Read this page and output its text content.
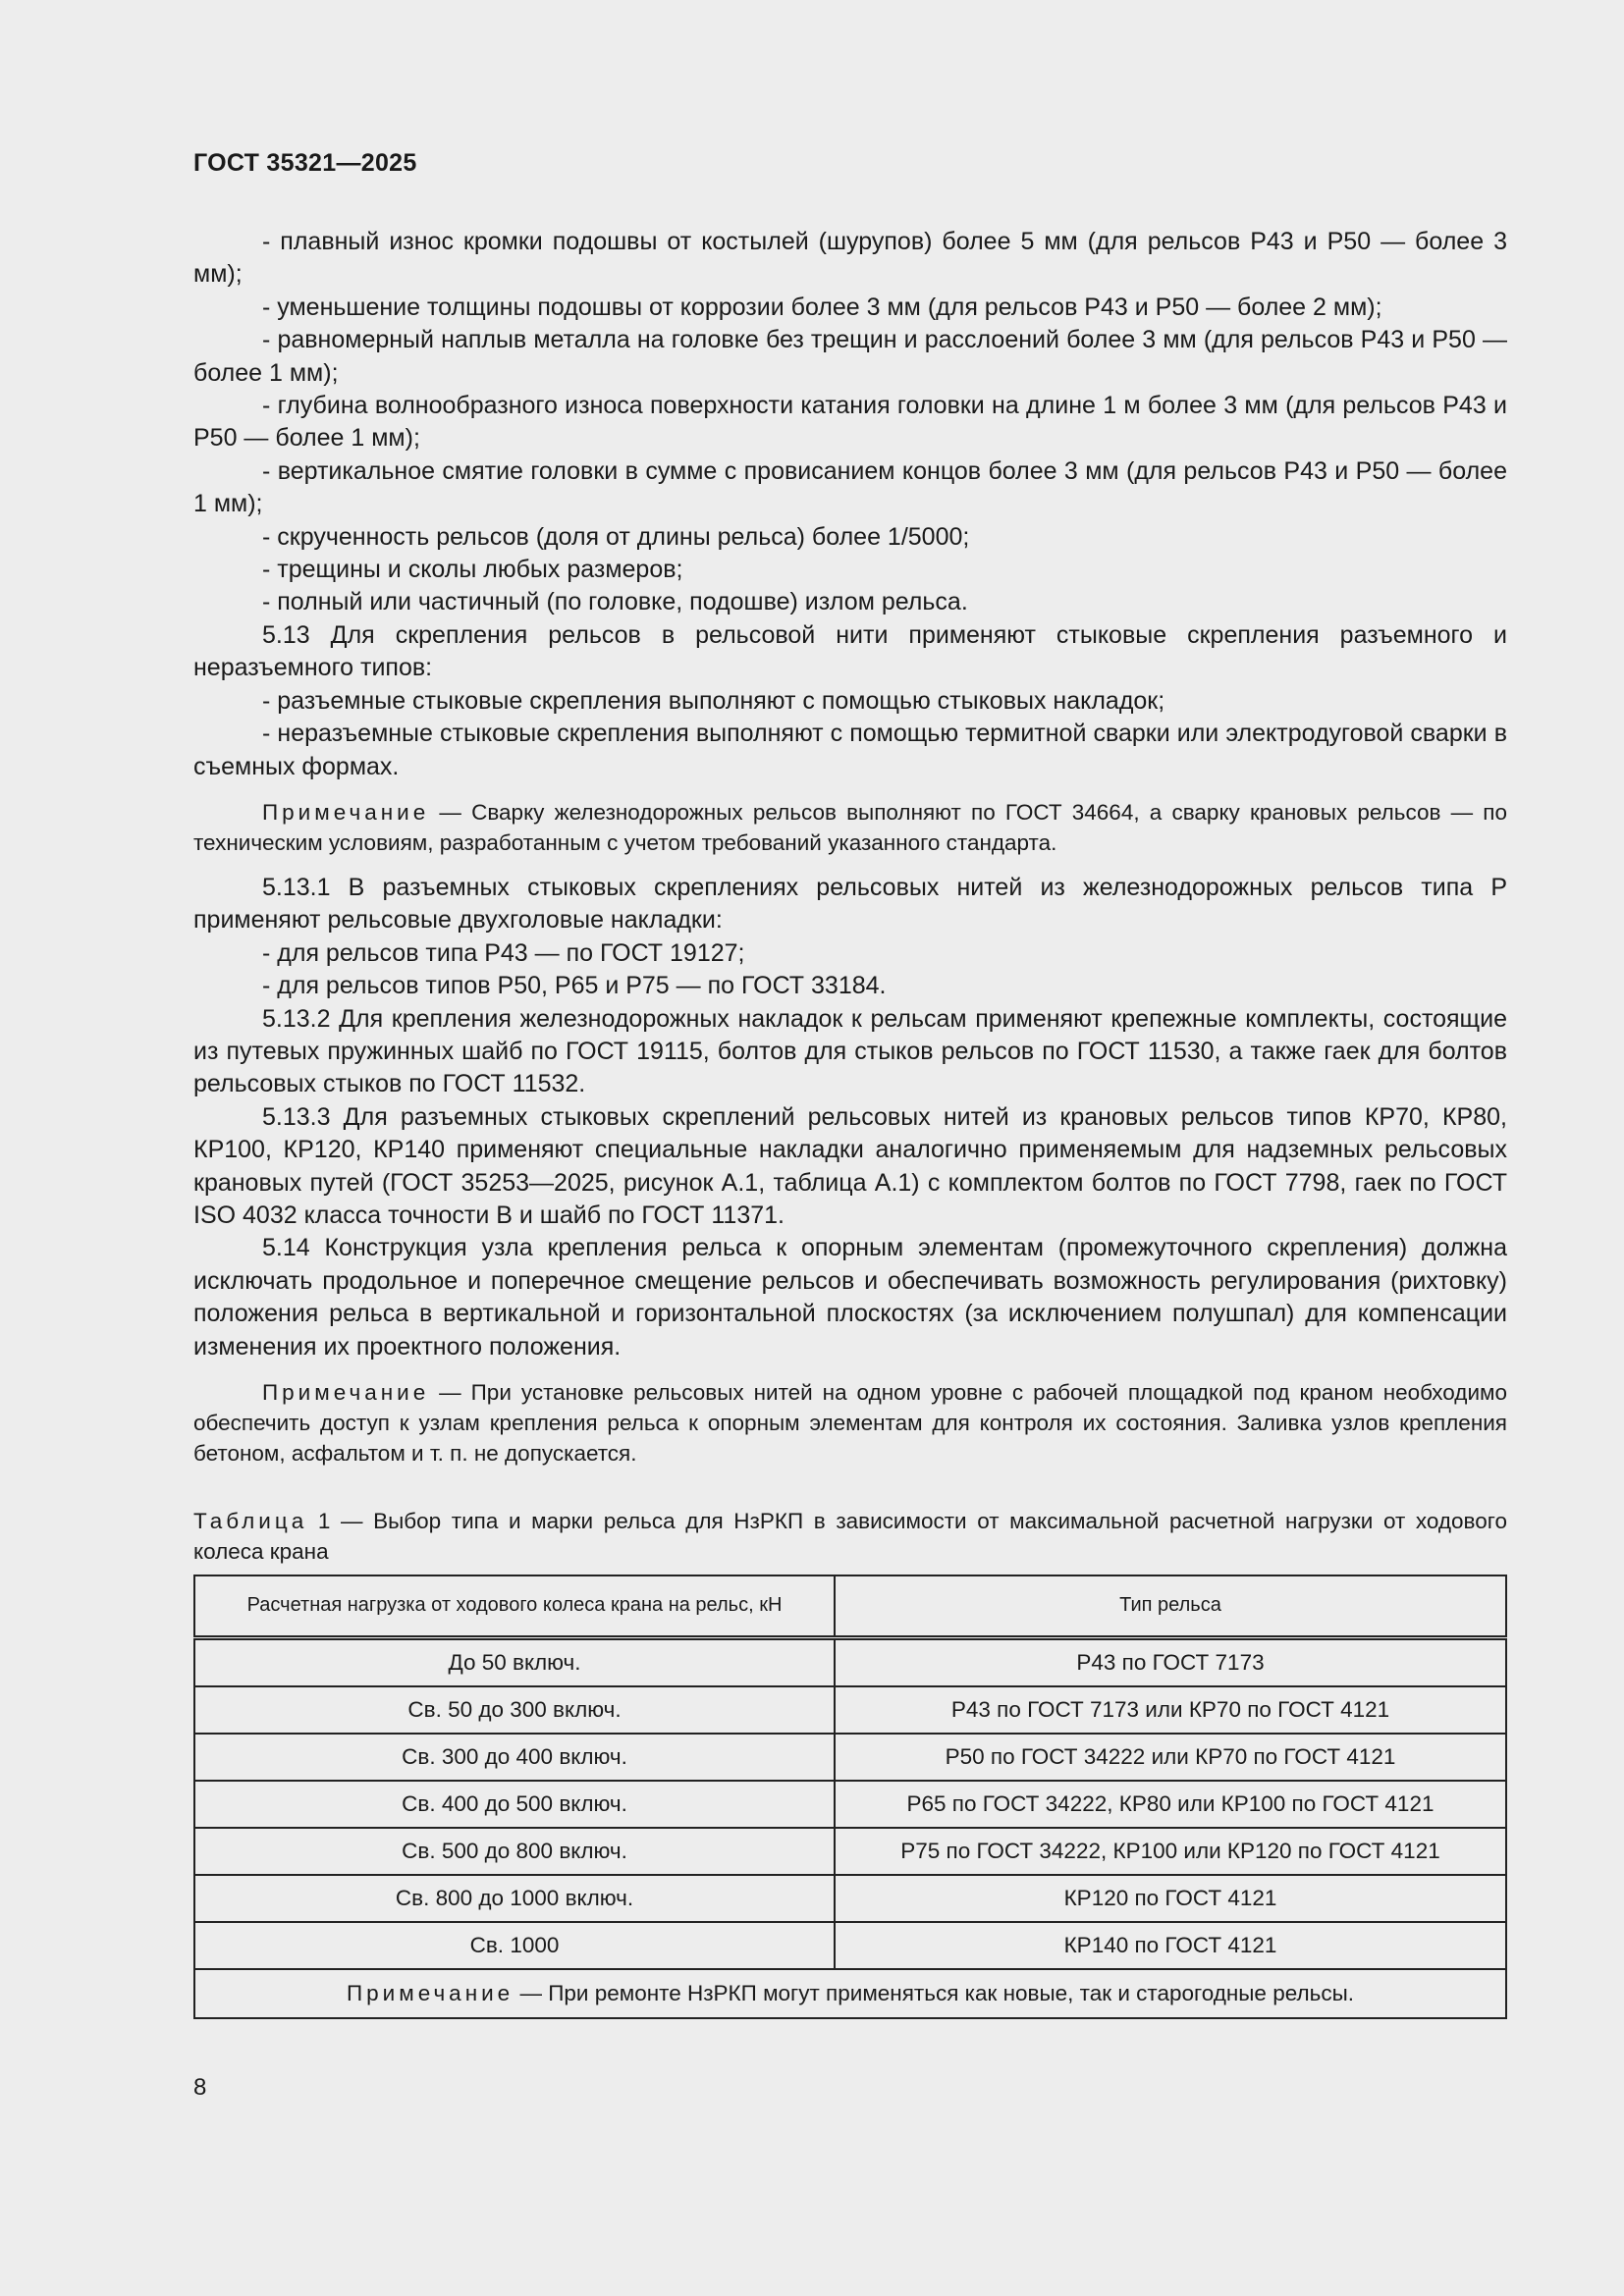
ГОСТ 35321—2025

- плавный износ кромки подошвы от костылей (шурупов) более 5 мм (для рельсов Р43 и Р50 — более 3 мм);

- уменьшение толщины подошвы от коррозии более 3 мм (для рельсов Р43 и Р50 — более 2 мм);

- равномерный наплыв металла на головке без трещин и расслоений более 3 мм (для рельсов Р43 и Р50 — более 1 мм);

- глубина волнообразного износа поверхности катания головки на длине 1 м более 3 мм (для рельсов Р43 и Р50 — более 1 мм);

- вертикальное смятие головки в сумме с провисанием концов более 3 мм (для рельсов Р43 и Р50 — более 1 мм);

- скрученность рельсов (доля от длины рельса) более 1/5000;

- трещины и сколы любых размеров;

- полный или частичный (по головке, подошве) излом рельса.

5.13 Для скрепления рельсов в рельсовой нити применяют стыковые скрепления разъемного и неразъемного типов:

- разъемные стыковые скрепления выполняют с помощью стыковых накладок;

- неразъемные стыковые скрепления выполняют с помощью термитной сварки или электродуговой сварки в съемных формах.

Примечание — Сварку железнодорожных рельсов выполняют по ГОСТ 34664, а сварку крановых рельсов — по техническим условиям, разработанным с учетом требований указанного стандарта.

5.13.1 В разъемных стыковых скреплениях рельсовых нитей из железнодорожных рельсов типа Р применяют рельсовые двухголовые накладки:

- для рельсов типа Р43 — по ГОСТ 19127;

- для рельсов типов Р50, Р65 и Р75 — по ГОСТ 33184.

5.13.2 Для крепления железнодорожных накладок к рельсам применяют крепежные комплекты, состоящие из путевых пружинных шайб по ГОСТ 19115, болтов для стыков рельсов по ГОСТ 11530, а также гаек для болтов рельсовых стыков по ГОСТ 11532.

5.13.3 Для разъемных стыковых скреплений рельсовых нитей из крановых рельсов типов КР70, КР80, КР100, КР120, КР140 применяют специальные накладки аналогично применяемым для надземных рельсовых крановых путей (ГОСТ 35253—2025, рисунок А.1, таблица А.1) с комплектом болтов по ГОСТ 7798, гаек по ГОСТ ISO 4032 класса точности В и шайб по ГОСТ 11371.

5.14 Конструкция узла крепления рельса к опорным элементам (промежуточного скрепления) должна исключать продольное и поперечное смещение рельсов и обеспечивать возможность регулирования (рихтовку) положения рельса в вертикальной и горизонтальной плоскостях (за исключением полушпал) для компенсации изменения их проектного положения.

Примечание — При установке рельсовых нитей на одном уровне с рабочей площадкой под краном необходимо обеспечить доступ к узлам крепления рельса к опорным элементам для контроля их состояния. Заливка узлов крепления бетоном, асфальтом и т. п. не допускается.

Таблица 1 — Выбор типа и марки рельса для НзРКП в зависимости от максимальной расчетной нагрузки от ходового колеса крана
Расчетная нагрузка от ходового колеса крана на рельс, кН	Тип рельса
До 50 включ.	Р43 по ГОСТ 7173
Св. 50 до 300 включ.	Р43 по ГОСТ 7173 или КР70 по ГОСТ 4121
Св. 300 до 400 включ.	Р50 по ГОСТ 34222 или КР70 по ГОСТ 4121
Св. 400 до 500 включ.	Р65 по ГОСТ 34222, КР80 или КР100 по ГОСТ 4121
Св. 500 до 800 включ.	Р75 по ГОСТ 34222, КР100 или КР120 по ГОСТ 4121
Св. 800 до 1000 включ.	КР120 по ГОСТ 4121
Св. 1000	КР140 по ГОСТ 4121
Примечание — При ремонте НзРКП могут применяться как новые, так и старогодные рельсы.	
8
